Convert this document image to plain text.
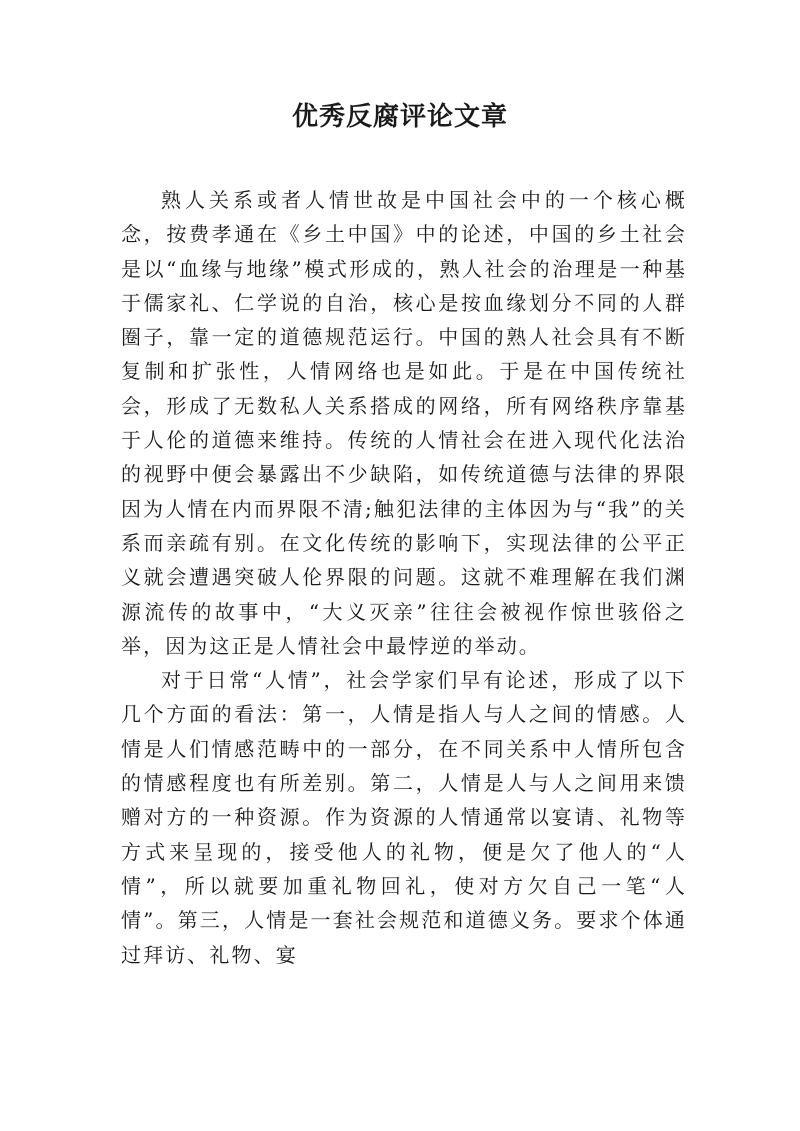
优秀反腐评论文章

熟人关系或者人情世故是中国社会中的一个核心概念，按费孝通在《乡土中国》中的论述，中国的乡土社会是以“血缘与地缘”模式形成的，熟人社会的治理是一种基于儒家礼、仁学说的自治，核心是按血缘划分不同的人群圈子，靠一定的道德规范运行。中国的熟人社会具有不断复制和扩张性，人情网络也是如此。于是在中国传统社会，形成了无数私人关系搭成的网络，所有网络秩序靠基于人伦的道德来维持。传统的人情社会在进入现代化法治的视野中便会暴露出不少缺陷，如传统道德与法律的界限因为人情在内而界限不清;触犯法律的主体因为与“我”的关系而亲疏有别。在文化传统的影响下，实现法律的公平正义就会遭遇突破人伦界限的问题。这就不难理解在我们渊源流传的故事中，“大义灭亲”往往会被视作惊世骇俗之举，因为这正是人情社会中最悖逆的举动。

对于日常“人情”，社会学家们早有论述，形成了以下几个方面的看法：第一，人情是指人与人之间的情感。人情是人们情感范畴中的一部分，在不同关系中人情所包含的情感程度也有所差别。第二，人情是人与人之间用来馈赠对方的一种资源。作为资源的人情通常以宴请、礼物等方式来呈现的，接受他人的礼物，便是欠了他人的“人情”，所以就要加重礼物回礼，使对方欠自己一笔“人情”。第三，人情是一套社会规范和道德义务。要求个体通过拜访、礼物、宴
